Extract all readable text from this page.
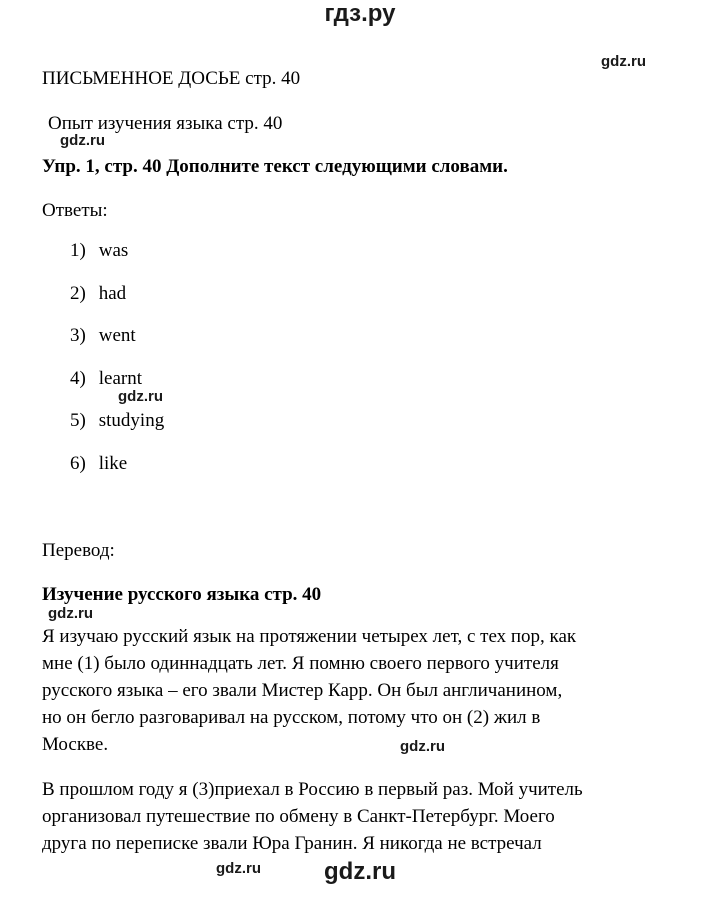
гдз.ру
gdz.ru
ПИСЬМЕННОЕ ДОСЬЕ стр. 40
Опыт изучения языка стр. 40
gdz.ru
Упр. 1, стр. 40 Дополните текст следующими словами.
Ответы:
1) was
2) had
3) went
4) learnt
5) studying
6) like
gdz.ru
Перевод:
Изучение русского языка стр. 40
gdz.ru
Я изучаю русский язык на протяжении четырех лет, с тех пор, как
мне (1) было одиннадцать лет. Я помню своего первого учителя
русского языка – его звали Мистер Карр. Он был англичанином,
но он бегло разговаривал на русском, потому что он (2) жил в
Москве.	gdz.ru
В прошлом году я (3)приехал в Россию в первый раз. Мой учитель
организовал путешествие по обмену в Санкт-Петербург. Моего
друга по переписке звали Юра Гранин. Я никогда не встречал
gdz.ru	gdz.ru
